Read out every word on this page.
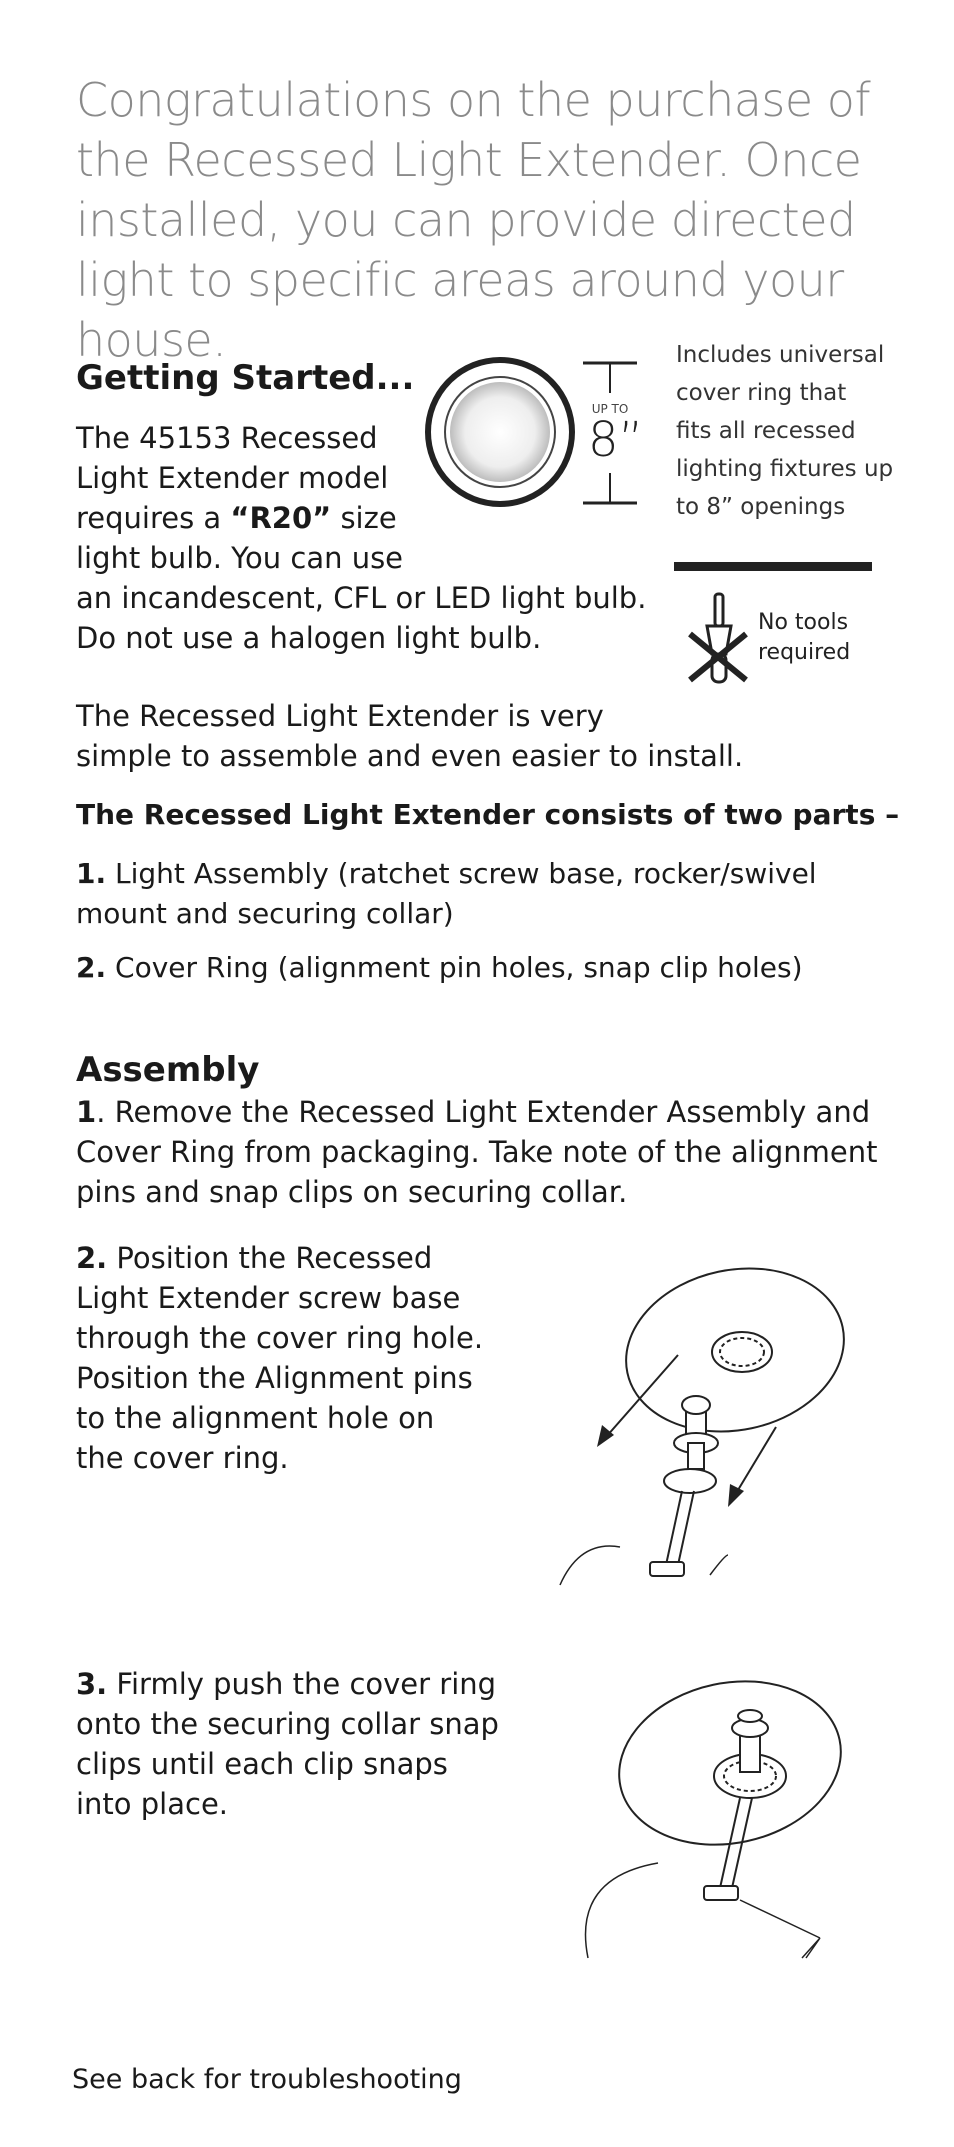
Congratulations on the purchase of the Recessed Light Extender. Once installed, you can provide directed light to specific areas around your house.
Getting Started...
The 45153 Recessed
Light Extender model
requires a “R20” size
light bulb. You can use
an incandescent, CFL or LED light bulb.
Do not use a halogen light bulb.
UP TO
8”
Includes universal
cover ring that
fits all recessed
lighting fixtures up
to 8” openings
No tools
required
The Recessed Light Extender is very
simple to assemble and even easier to install.
The Recessed Light Extender consists of two parts –
1. Light Assembly (ratchet screw base, rocker/swivel
mount and securing collar)
2. Cover Ring (alignment pin holes, snap clip holes)
Assembly
1. Remove the Recessed Light Extender Assembly and
Cover Ring from packaging. Take note of the alignment
pins and snap clips on securing collar.
2. Position the Recessed
Light Extender screw base
through the cover ring hole.
Position the Alignment pins
to the alignment hole on
the cover ring.
3. Firmly push the cover ring
onto the securing collar snap
clips until each clip snaps
into place.
See back for troubleshooting
